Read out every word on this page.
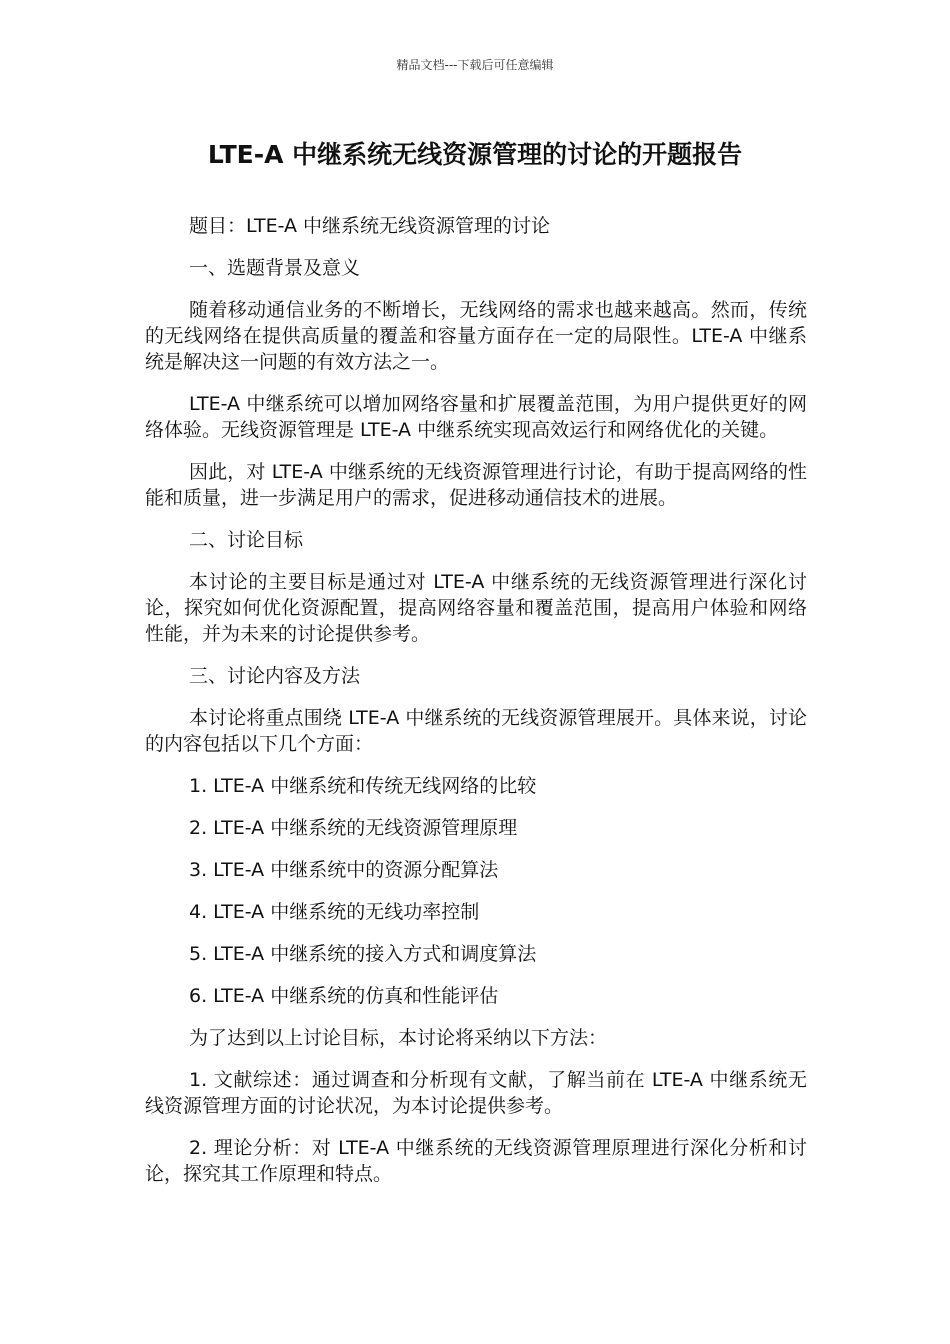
精品文档---下载后可任意编辑
LTE-A 中继系统无线资源管理的讨论的开题报告

题目：LTE-A 中继系统无线资源管理的讨论

一、选题背景及意义

随着移动通信业务的不断增长，无线网络的需求也越来越高。然而，传统的无线网络在提供高质量的覆盖和容量方面存在一定的局限性。LTE-A 中继系统是解决这一问题的有效方法之一。

LTE-A 中继系统可以增加网络容量和扩展覆盖范围，为用户提供更好的网络体验。无线资源管理是 LTE-A 中继系统实现高效运行和网络优化的关键。

因此，对 LTE-A 中继系统的无线资源管理进行讨论，有助于提高网络的性能和质量，进一步满足用户的需求，促进移动通信技术的进展。

二、讨论目标

本讨论的主要目标是通过对 LTE-A 中继系统的无线资源管理进行深化讨论，探究如何优化资源配置，提高网络容量和覆盖范围，提高用户体验和网络性能，并为未来的讨论提供参考。

三、讨论内容及方法

本讨论将重点围绕 LTE-A 中继系统的无线资源管理展开。具体来说，讨论的内容包括以下几个方面：

1. LTE-A 中继系统和传统无线网络的比较

2. LTE-A 中继系统的无线资源管理原理

3. LTE-A 中继系统中的资源分配算法

4. LTE-A 中继系统的无线功率控制

5. LTE-A 中继系统的接入方式和调度算法

6. LTE-A 中继系统的仿真和性能评估

为了达到以上讨论目标，本讨论将采纳以下方法：

1. 文献综述：通过调查和分析现有文献，了解当前在 LTE-A 中继系统无线资源管理方面的讨论状况，为本讨论提供参考。

2. 理论分析：对 LTE-A 中继系统的无线资源管理原理进行深化分析和讨论，探究其工作原理和特点。
